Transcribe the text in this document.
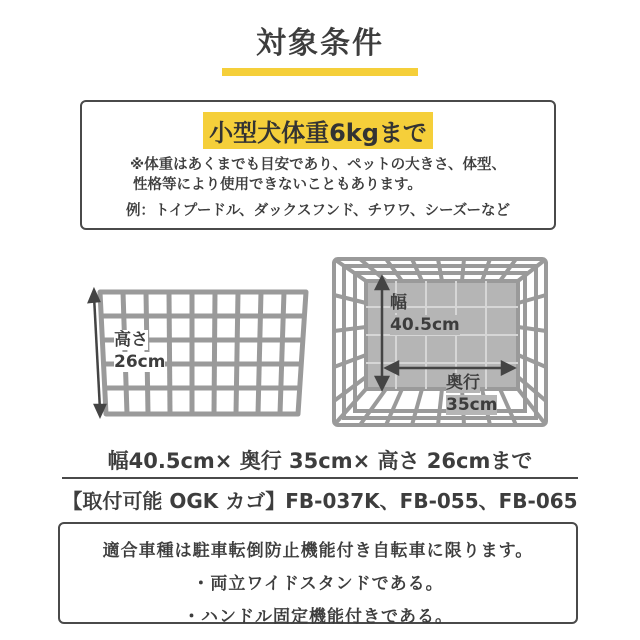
対象条件
小型犬体重6kgまで
※体重はあくまでも目安であり、ペットの大きさ、体型、
性格等により使用できないこともあります。
例：トイプードル、ダックスフンド、チワワ、シーズーなど
高さ
26cm
幅
40.5cm
奥行
35cm
幅40.5cm× 奥行 35cm× 高さ 26cmまで
【取付可能 OGK カゴ】FB-037K、FB-055、FB-065
適合車種は駐車転倒防止機能付き自転車に限ります。
・両立ワイドスタンドである。
・ハンドル固定機能付きである。
